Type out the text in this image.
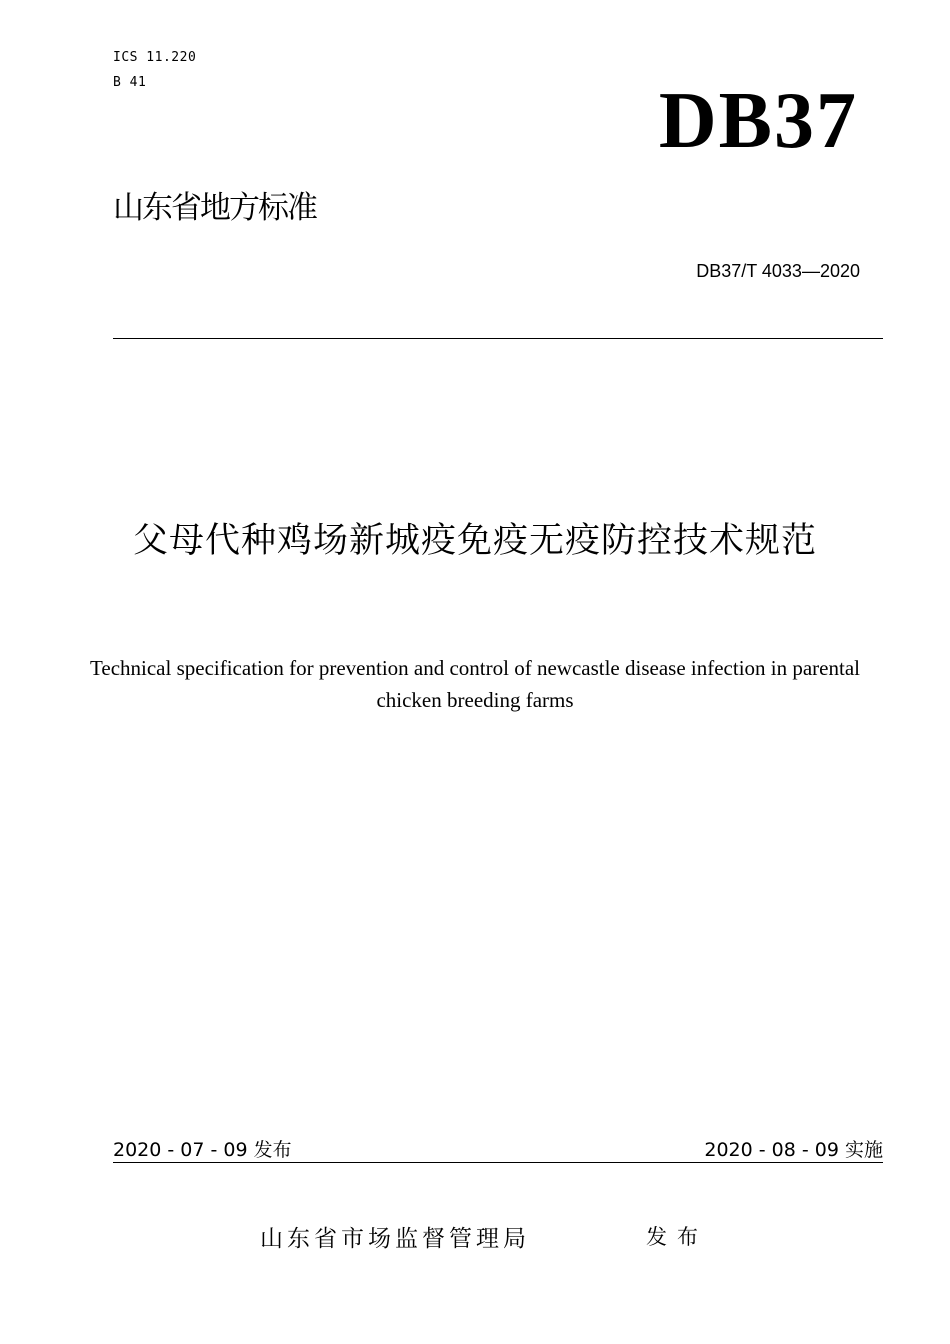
ICS 11.220
B 41	DB37
山东省地方标准
DB37/T 4033—2020
父母代种鸡场新城疫免疫无疫防控技术规范
Technical specification for prevention and control of newcastle disease infection in parental chicken breeding farms
2020 - 07 - 09 发布	2020 - 08 - 09 实施
山东省市场监督管理局	发布
